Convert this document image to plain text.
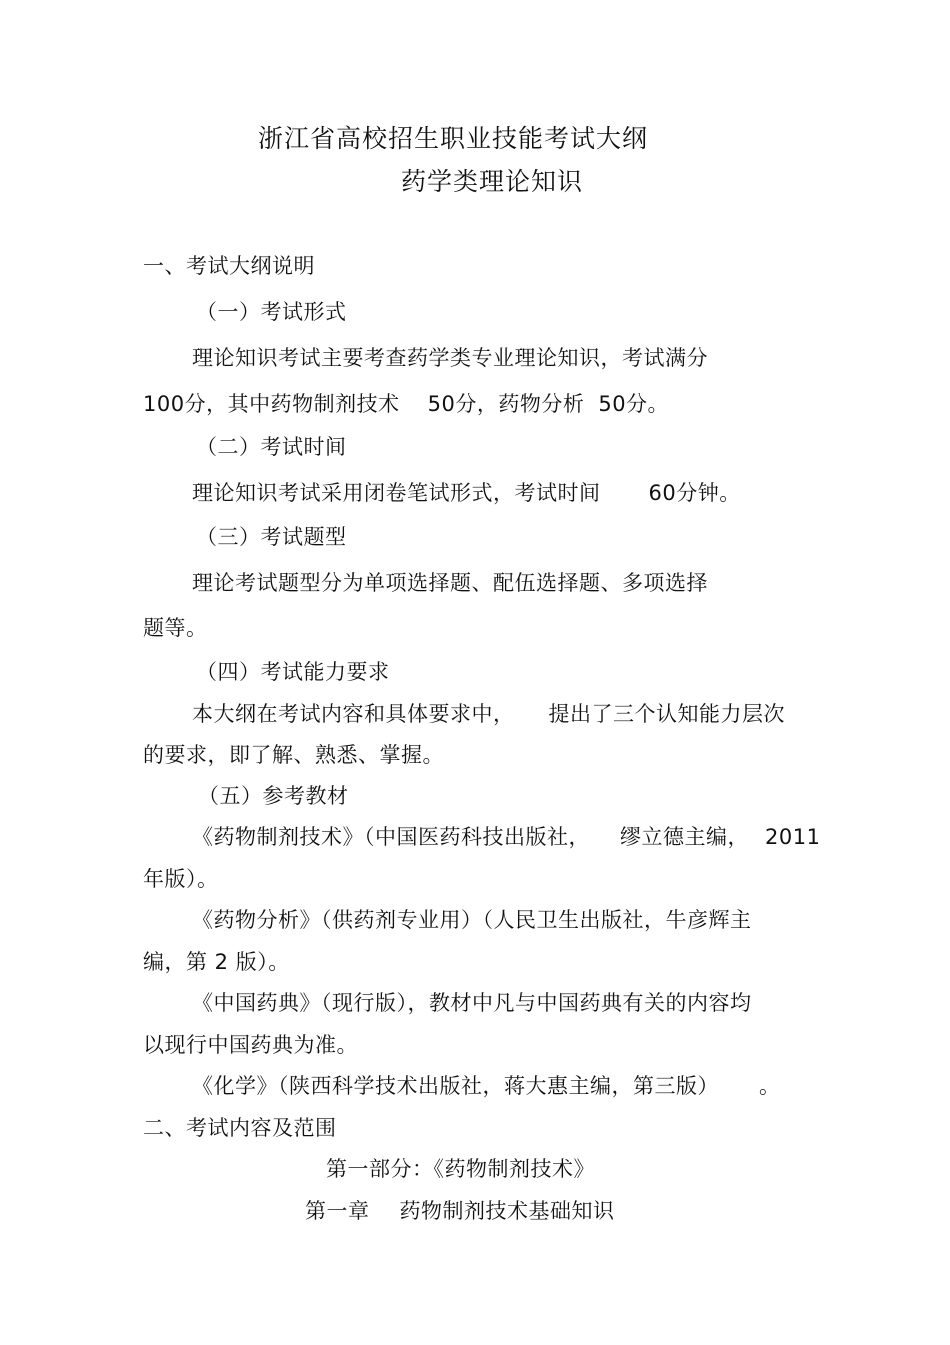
浙江省高校招生职业技能考试大纲
药学类理论知识
一、考试大纲说明
（一）考试形式
理论知识考试主要考查药学类专业理论知识，考试满分
100分，其中药物制剂技术 50分，药物分析 50分。
（二）考试时间
理论知识考试采用闭卷笔试形式，考试时间 60分钟。
（三）考试题型
理论考试题型分为单项选择题、配伍选择题、多项选择
题等。
（四）考试能力要求
本大纲在考试内容和具体要求中， 提出了三个认知能力层次
的要求，即了解、熟悉、掌握。
（五）参考教材
《药物制剂技术》（中国医药科技出版社， 缪立德主编， 2011
年版）。
《药物分析》（供药剂专业用）（人民卫生出版社，牛彦辉主
编，第 2 版）。
《中国药典》（现行版），教材中凡与中国药典有关的内容均
以现行中国药典为准。
《化学》（陕西科学技术出版社，蒋大惠主编，第三版） 。
二、考试内容及范围
第一部分：《药物制剂技术》
第一章 药物制剂技术基础知识
